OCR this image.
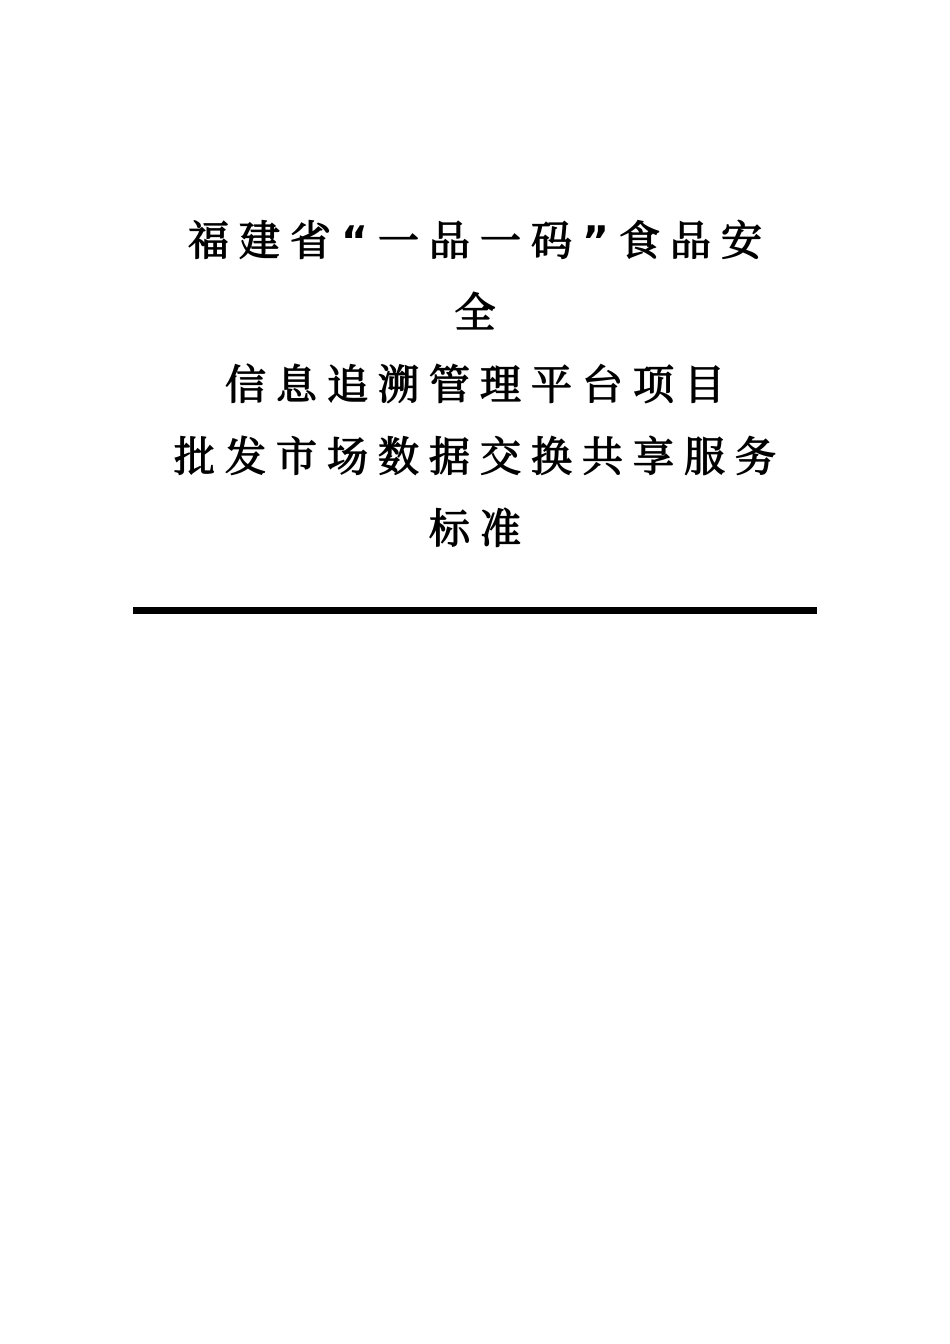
福建省“一品一码”食品安
全
信息追溯管理平台项目
批发市场数据交换共享服务
标准
